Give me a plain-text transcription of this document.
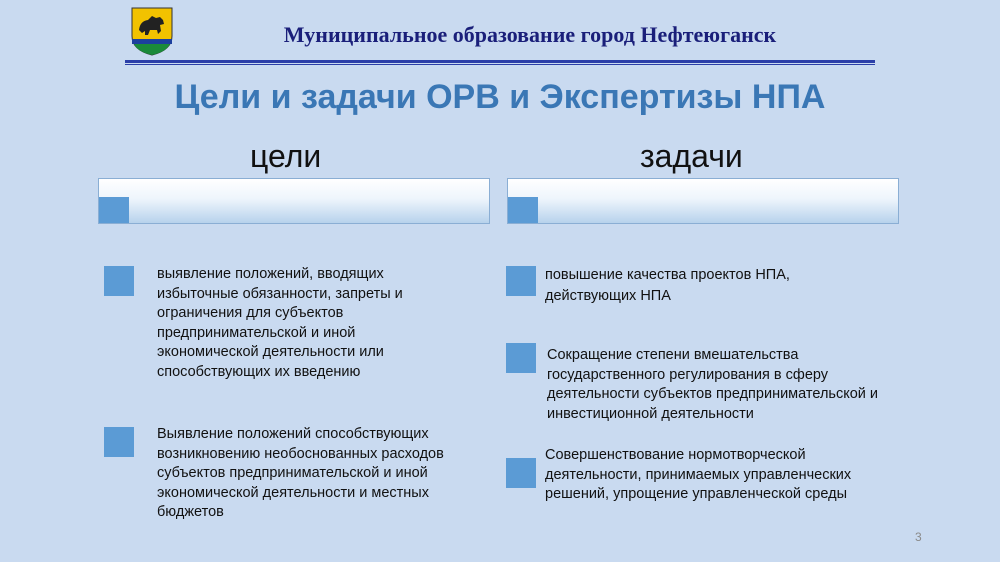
Муниципальное образование город Нефтеюганск
Цели и задачи ОРВ и Экспертизы НПА
цели	задачи
выявление положений, вводящих избыточные обязанности, запреты и ограничения для субъектов предпринимательской и иной экономической деятельности или способствующих их введению
Выявление положений способствующих возникновению необоснованных расходов субъектов предпринимательской и иной экономической деятельности и местных бюджетов
повышение качества проектов НПА, действующих НПА
Сокращение степени вмешательства государственного регулирования в сферу деятельности субъектов предпринимательской и инвестиционной деятельности
Совершенствование нормотворческой деятельности, принимаемых управленческих решений, упрощение управленческой среды
3
